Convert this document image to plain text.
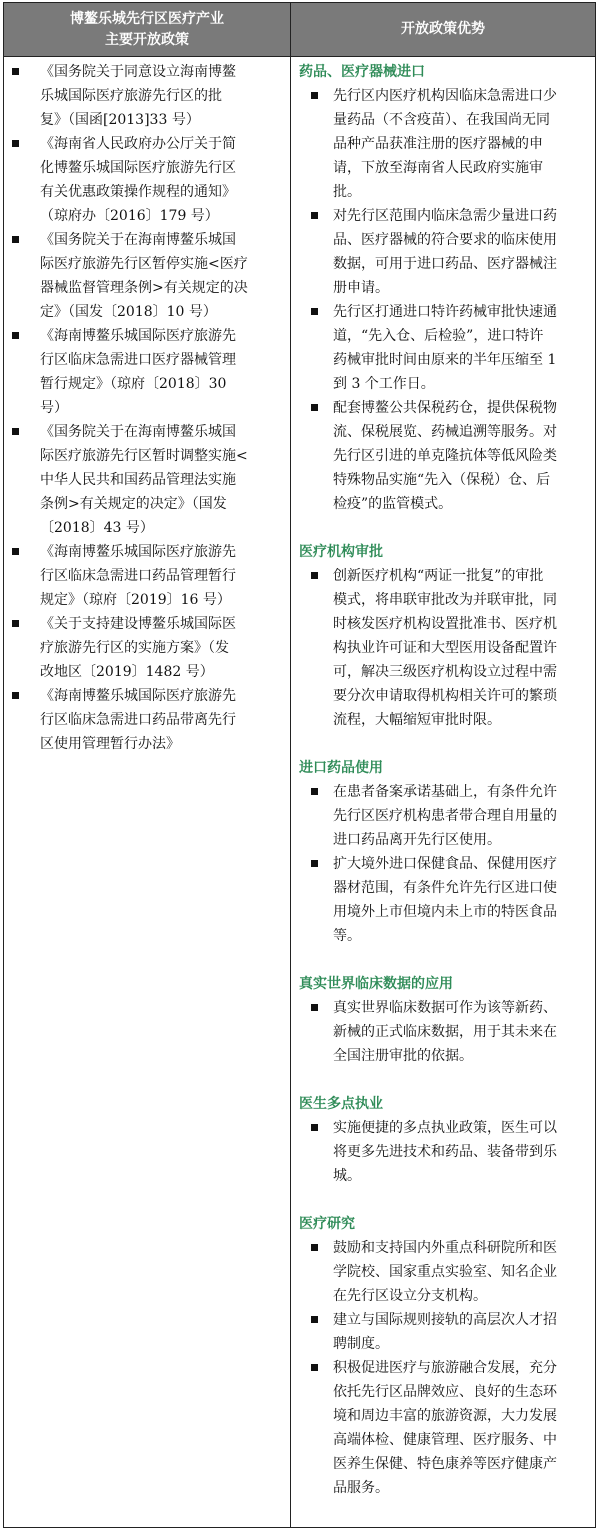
博鳌乐城先行区医疗产业
主要开放政策
开放政策优势
《国务院关于同意设立海南博鳌
乐城国际医疗旅游先行区的批
复》（国函[2013]33 号）
《海南省人民政府办公厅关于简
化博鳌乐城国际医疗旅游先行区
有关优惠政策操作规程的通知》
（琼府办〔2016〕179 号）
《国务院关于在海南博鳌乐城国
际医疗旅游先行区暂停实施<医疗
器械监督管理条例>有关规定的决
定》（国发〔2018〕10 号）
《海南博鳌乐城国际医疗旅游先
行区临床急需进口医疗器械管理
暂行规定》（琼府〔2018〕30
号）
《国务院关于在海南博鳌乐城国
际医疗旅游先行区暂时调整实施<
中华人民共和国药品管理法实施
条例>有关规定的决定》（国发
〔2018〕43 号）
《海南博鳌乐城国际医疗旅游先
行区临床急需进口药品管理暂行
规定》（琼府〔2019〕16 号）
《关于支持建设博鳌乐城国际医
疗旅游先行区的实施方案》（发
改地区〔2019〕1482 号）
《海南博鳌乐城国际医疗旅游先
行区临床急需进口药品带离先行
区使用管理暂行办法》
药品、医疗器械进口
先行区内医疗机构因临床急需进口少
量药品（不含疫苗）、在我国尚无同
品种产品获准注册的医疗器械的申
请，下放至海南省人民政府实施审
批。
对先行区范围内临床急需少量进口药
品、医疗器械的符合要求的临床使用
数据，可用于进口药品、医疗器械注
册申请。
先行区打通进口特许药械审批快速通
道，“先入仓、后检验”，进口特许
药械审批时间由原来的半年压缩至 1
到 3 个工作日。
配套博鳌公共保税药仓，提供保税物
流、保税展览、药械追溯等服务。对
先行区引进的单克隆抗体等低风险类
特殊物品实施“先入（保税）仓、后
检疫”的监管模式。
医疗机构审批
创新医疗机构“两证一批复”的审批
模式，将串联审批改为并联审批，同
时核发医疗机构设置批准书、医疗机
构执业许可证和大型医用设备配置许
可，解决三级医疗机构设立过程中需
要分次申请取得机构相关许可的繁琐
流程，大幅缩短审批时限。
进口药品使用
在患者备案承诺基础上，有条件允许
先行区医疗机构患者带合理自用量的
进口药品离开先行区使用。
扩大境外进口保健食品、保健用医疗
器材范围，有条件允许先行区进口使
用境外上市但境内未上市的特医食品
等。
真实世界临床数据的应用
真实世界临床数据可作为该等新药、
新械的正式临床数据，用于其未来在
全国注册审批的依据。
医生多点执业
实施便捷的多点执业政策，医生可以
将更多先进技术和药品、装备带到乐
城。
医疗研究
鼓励和支持国内外重点科研院所和医
学院校、国家重点实验室、知名企业
在先行区设立分支机构。
建立与国际规则接轨的高层次人才招
聘制度。
积极促进医疗与旅游融合发展，充分
依托先行区品牌效应、良好的生态环
境和周边丰富的旅游资源，大力发展
高端体检、健康管理、医疗服务、中
医养生保健、特色康养等医疗健康产
品服务。
